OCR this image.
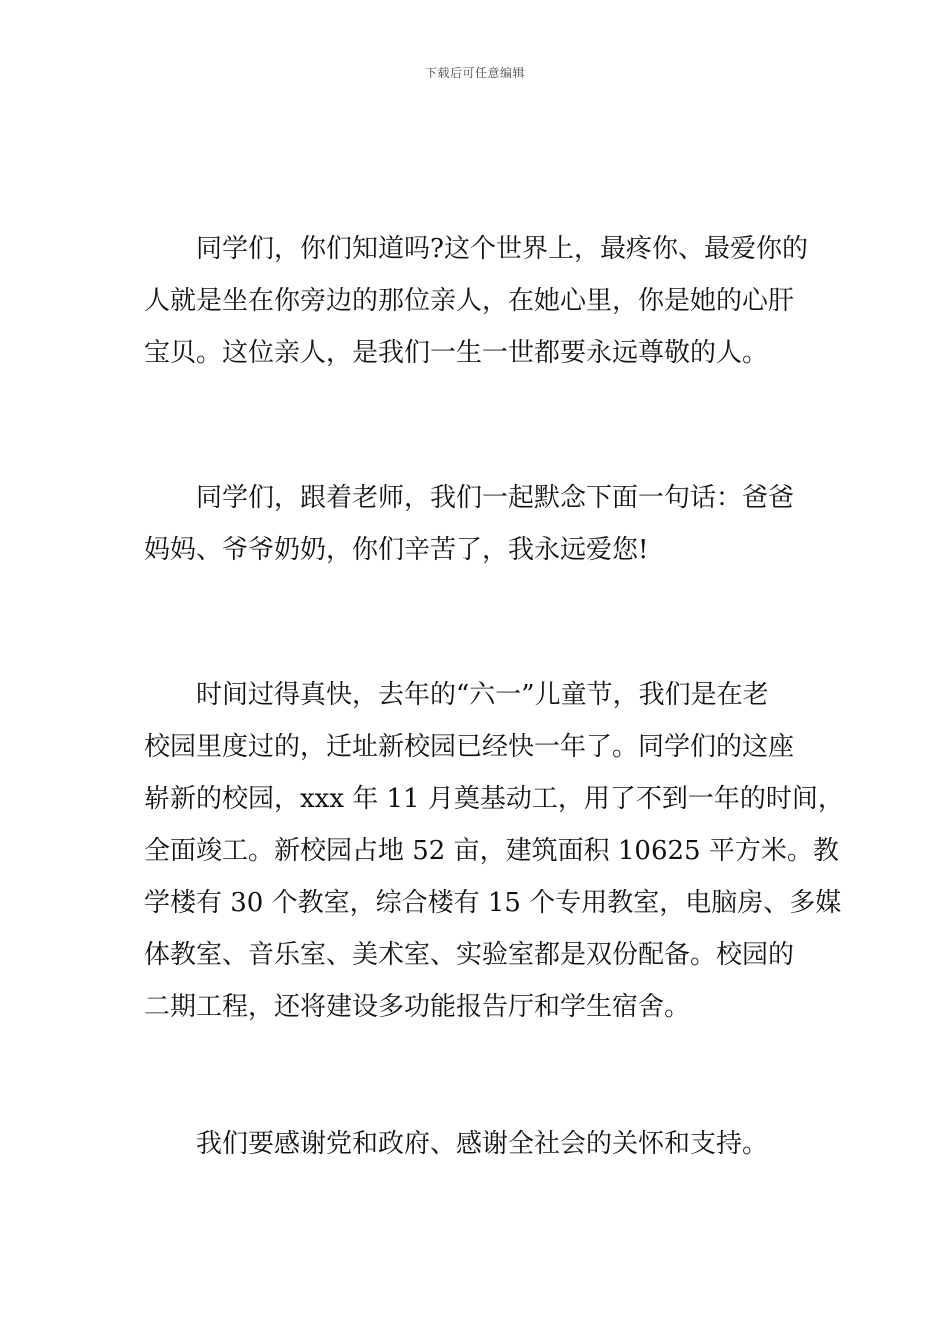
下载后可任意编辑

同学们，你们知道吗?这个世界上，最疼你、最爱你的
人就是坐在你旁边的那位亲人，在她心里，你是她的心肝
宝贝。这位亲人，是我们一生一世都要永远尊敬的人。

同学们，跟着老师，我们一起默念下面一句话：爸爸
妈妈、爷爷奶奶，你们辛苦了，我永远爱您!

时间过得真快，去年的“六一”儿童节，我们是在老
校园里度过的，迁址新校园已经快一年了。同学们的这座
崭新的校园，xxx 年 11 月奠基动工，用了不到一年的时间，
全面竣工。新校园占地 52 亩，建筑面积 10625 平方米。教
学楼有 30 个教室，综合楼有 15 个专用教室，电脑房、多媒
体教室、音乐室、美术室、实验室都是双份配备。校园的
二期工程，还将建设多功能报告厅和学生宿舍。

我们要感谢党和政府、感谢全社会的关怀和支持。
